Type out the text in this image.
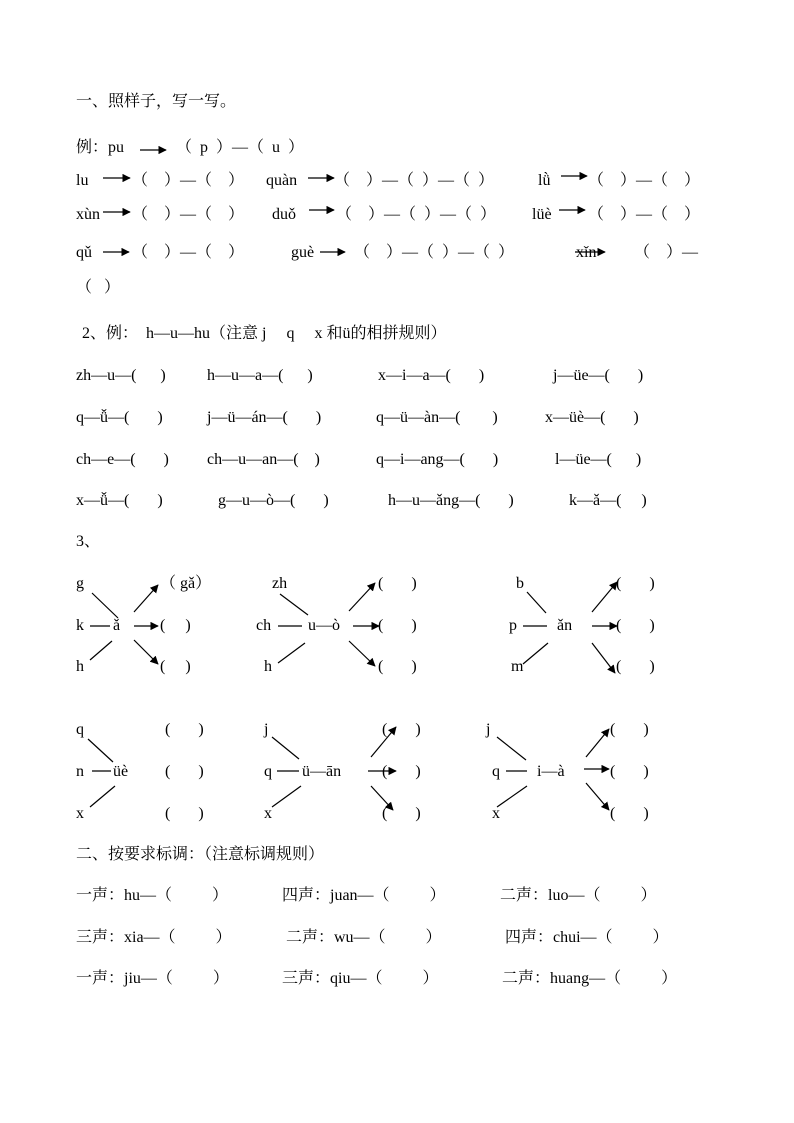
一、照样子，写一写。
例：pu	（  p  ）—（  u  ）
lu	（    ）—（    ） quàn （    ）—（  ）—（  ）	lǜ （    ）—（    ）
xùn （    ）—（    ） duǒ	（    ）—（  ）—（  ） lüè （    ）—（    ）
qǔ	（    ）—（    ）	guè （    ）—（  ）—（  ）	xǐn （    ）—
（   ）
2、例：  h—u—hu（注意 j     q     x 和ü的相拼规则）
zh—u—(      )	h—u—a—(      )	x—i—a—(       )	j—üe—(       )
q—ǚ—(       )	j—ü—án—(       )	q—ü—àn—(        )	x—üè—(       )
ch—e—(       ) ch—u—an—(    )	q—i—ang—(       )	l—üe—(      )
x—ǚ—(       )	g—u—ò—(       )	h—u—ǎng—(       )	k—ǎ—(     )
3、
g
k
h
ǎ
（ gǎ）
(     )
(     )
zh
ch
h
u—ò
(       )
(       )
(       )
b
p
m
ǎn
(       )
(       )
(       )
q
n
x
üè
(       )
(       )
(       )
j
q
x
ü—ān
(       )
(       )
(       )
j
q
x
i—à
(       )
(       )
(       )
二、按要求标调：（注意标调规则）
一声：hu—（          ）	四声：juan—（          ）	二声：luo—（          ）
三声：xia—（          ）	二声：wu—（          ）	四声：chui—（          ）
一声：jiu—（          ）	三声：qiu—（          ）	二声：huang—（          ）
